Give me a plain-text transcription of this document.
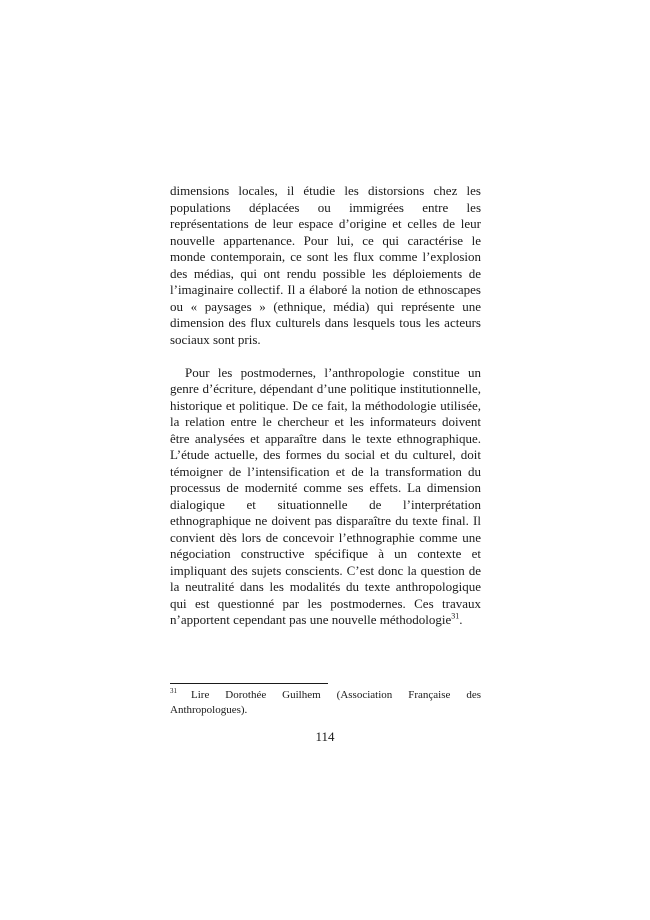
dimensions locales, il étudie les distorsions chez les populations déplacées ou immigrées entre les représentations de leur espace d’origine et celles de leur nouvelle appartenance. Pour lui, ce qui caractérise le monde contemporain, ce sont les flux comme l’explosion des médias, qui ont rendu possible les déploiements de l’imaginaire collectif. Il a élaboré la notion de ethnoscapes ou « paysages » (ethnique, média) qui représente une dimension des flux culturels dans lesquels tous les acteurs sociaux sont pris.

Pour les postmodernes, l’anthropologie constitue un genre d’écriture, dépendant d’une politique institutionnelle, historique et politique. De ce fait, la méthodologie utilisée, la relation entre le chercheur et les informateurs doivent être analysées et apparaître dans le texte ethnographique. L’étude actuelle, des formes du social et du culturel, doit témoigner de l’intensification et de la transformation du processus de modernité comme ses effets. La dimension dialogique et situationnelle de l’interprétation ethnographique ne doivent pas disparaître du texte final. Il convient dès lors de concevoir l’ethnographie comme une négociation constructive spécifique à un contexte et impliquant des sujets conscients. C’est donc la question de la neutralité dans les modalités du texte anthropologique qui est questionné par les postmodernes. Ces travaux n’apportent cependant pas une nouvelle méthodologie$^{31}$.

$^{31}$ Lire Dorothée Guilhem (Association Française des Anthropologues).
114
